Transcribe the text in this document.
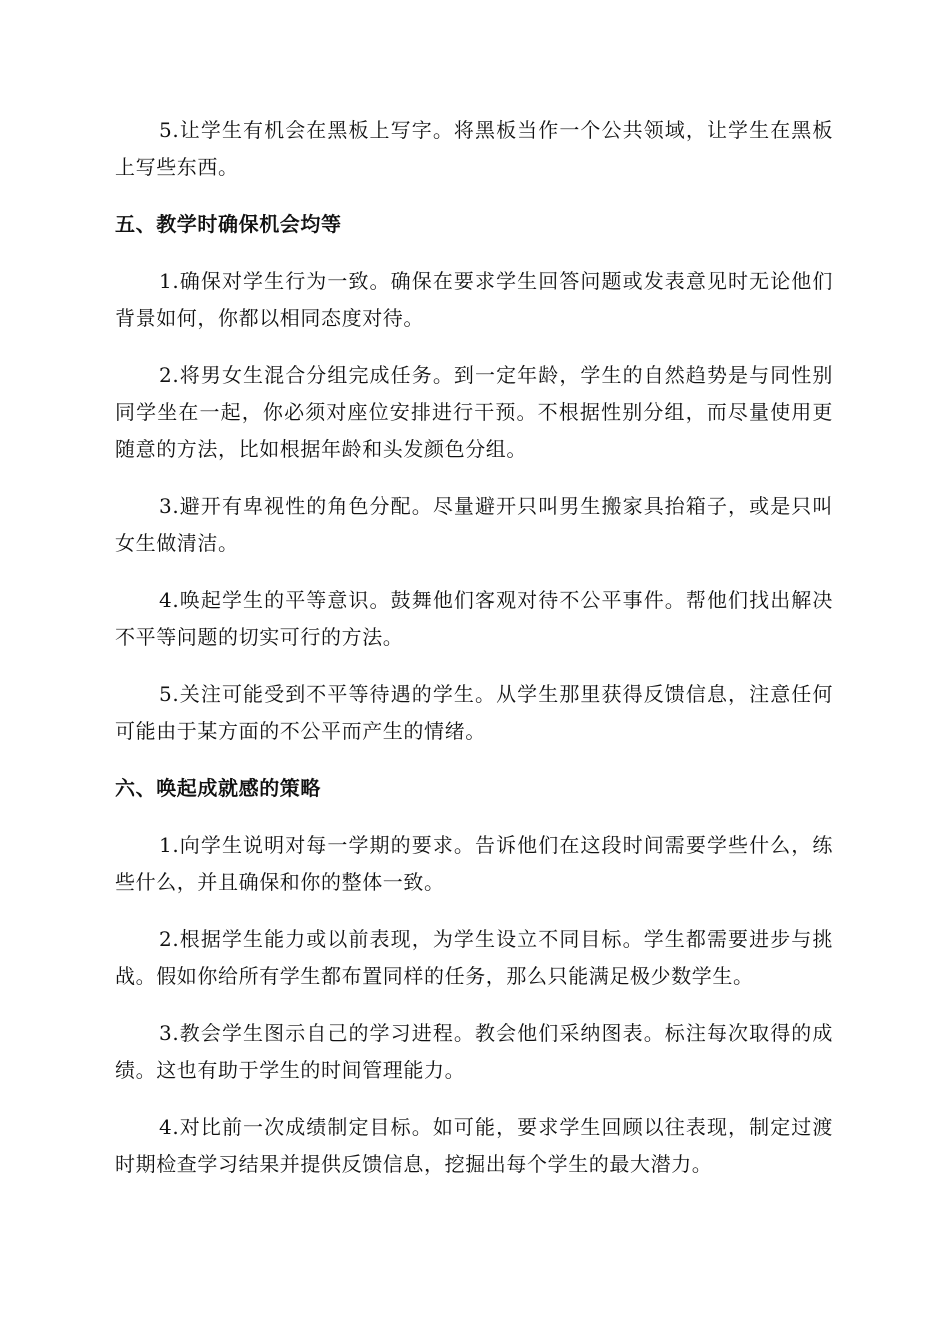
5.让学生有机会在黑板上写字。将黑板当作一个公共领域，让学生在黑板上写些东西。

五、教学时确保机会均等

1.确保对学生行为一致。确保在要求学生回答问题或发表意见时无论他们背景如何，你都以相同态度对待。

2.将男女生混合分组完成任务。到一定年龄，学生的自然趋势是与同性别同学坐在一起，你必须对座位安排进行干预。不根据性别分组，而尽量使用更随意的方法，比如根据年龄和头发颜色分组。

3.避开有卑视性的角色分配。尽量避开只叫男生搬家具抬箱子，或是只叫女生做清洁。

4.唤起学生的平等意识。鼓舞他们客观对待不公平事件。帮他们找出解决不平等问题的切实可行的方法。

5.关注可能受到不平等待遇的学生。从学生那里获得反馈信息，注意任何可能由于某方面的不公平而产生的情绪。

六、唤起成就感的策略

1.向学生说明对每一学期的要求。告诉他们在这段时间需要学些什么，练些什么，并且确保和你的整体一致。

2.根据学生能力或以前表现，为学生设立不同目标。学生都需要进步与挑战。假如你给所有学生都布置同样的任务，那么只能满足极少数学生。

3.教会学生图示自己的学习进程。教会他们采纳图表。标注每次取得的成绩。这也有助于学生的时间管理能力。

4.对比前一次成绩制定目标。如可能，要求学生回顾以往表现，制定过渡时期检查学习结果并提供反馈信息，挖掘出每个学生的最大潜力。
